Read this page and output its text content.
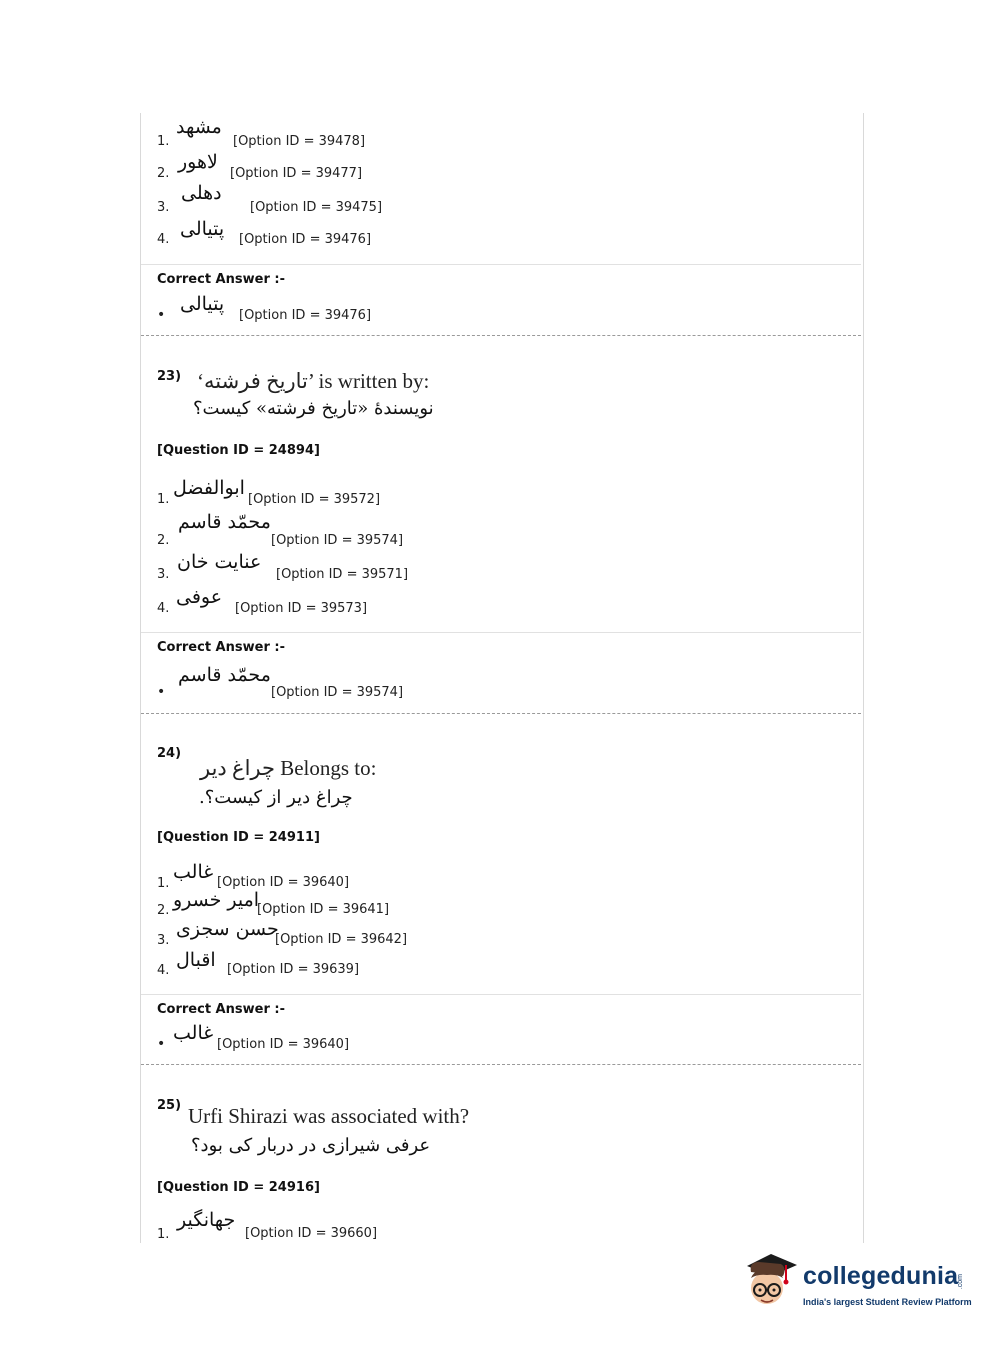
1.
مشهد
[Option ID = 39478]
2.
لاهور
[Option ID = 39477]
3.
دهلی
[Option ID = 39475]
4. پتیالی [Option ID = 39476]
Correct Answer :-
• پتیالی
[Option ID = 39476]
23) ‘تاریخ فرشته’ is written by:
نویسندهٔ «تاریخ فرشته» کیست؟
[Question ID = 24894]
1.
ابوالفضل
[Option ID = 39572]
2.
محمّد قاسم
[Option ID = 39574]
3.
عنایت خان
[Option ID = 39571]
4.
عوفی
[Option ID = 39573]
Correct Answer :-
•
محمّد قاسم
[Option ID = 39574]
24)
چراغ دیر Belongs to:
چراغ دیر از کیست؟.
[Question ID = 24911]
1.
غالب [Option ID = 39640]
2. امیر خسرو
[Option ID = 39641]
3.
حسن سجزی
[Option ID = 39642]
4. اقبال [Option ID = 39639]
Correct Answer :-
• غالب
[Option ID = 39640]
25) Urfi Shirazi was associated with?
عرفی شیرازی در دربار کی بود؟
[Question ID = 24916]
1.
جهانگیر
[Option ID = 39660]
collegedunia
.com
India's largest Student Review Platform
